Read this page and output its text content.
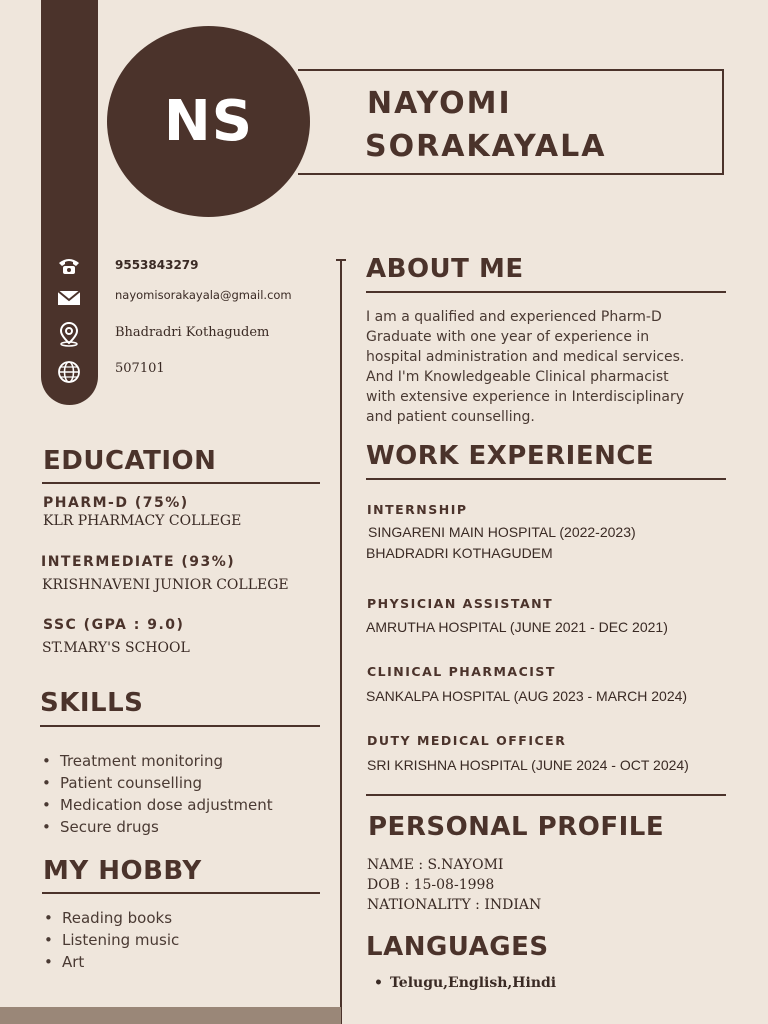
NS	NAYOMI
SORAKAYALA
9553843279
nayomisorakayala@gmail.com
Bhadradri Kothagudem
507101
EDUCATION
PHARM-D (75%)
KLR PHARMACY COLLEGE
INTERMEDIATE (93%)
KRISHNAVENI JUNIOR COLLEGE
SSC (GPA : 9.0)
ST.MARY'S SCHOOL
SKILLS
• Treatment monitoring
• Patient counselling
• Medication dose adjustment
• Secure drugs
MY HOBBY
• Reading books
• Listening music
• Art
ABOUT ME
I am a qualified and experienced Pharm-D
Graduate with one year of experience in
hospital administration and medical services.
And I'm Knowledgeable Clinical pharmacist
with extensive experience in Interdisciplinary
and patient counselling.
WORK EXPERIENCE
INTERNSHIP
SINGARENI MAIN HOSPITAL (2022-2023)
BHADRADRI KOTHAGUDEM
PHYSICIAN ASSISTANT
AMRUTHA HOSPITAL (JUNE 2021 - DEC 2021)
CLINICAL PHARMACIST
SANKALPA HOSPITAL (AUG 2023 - MARCH 2024)
DUTY MEDICAL OFFICER
SRI KRISHNA HOSPITAL (JUNE 2024 - OCT 2024)
PERSONAL PROFILE
NAME : S.NAYOMI
DOB : 15-08-1998
NATIONALITY : INDIAN
LANGUAGES
• Telugu,English,Hindi
